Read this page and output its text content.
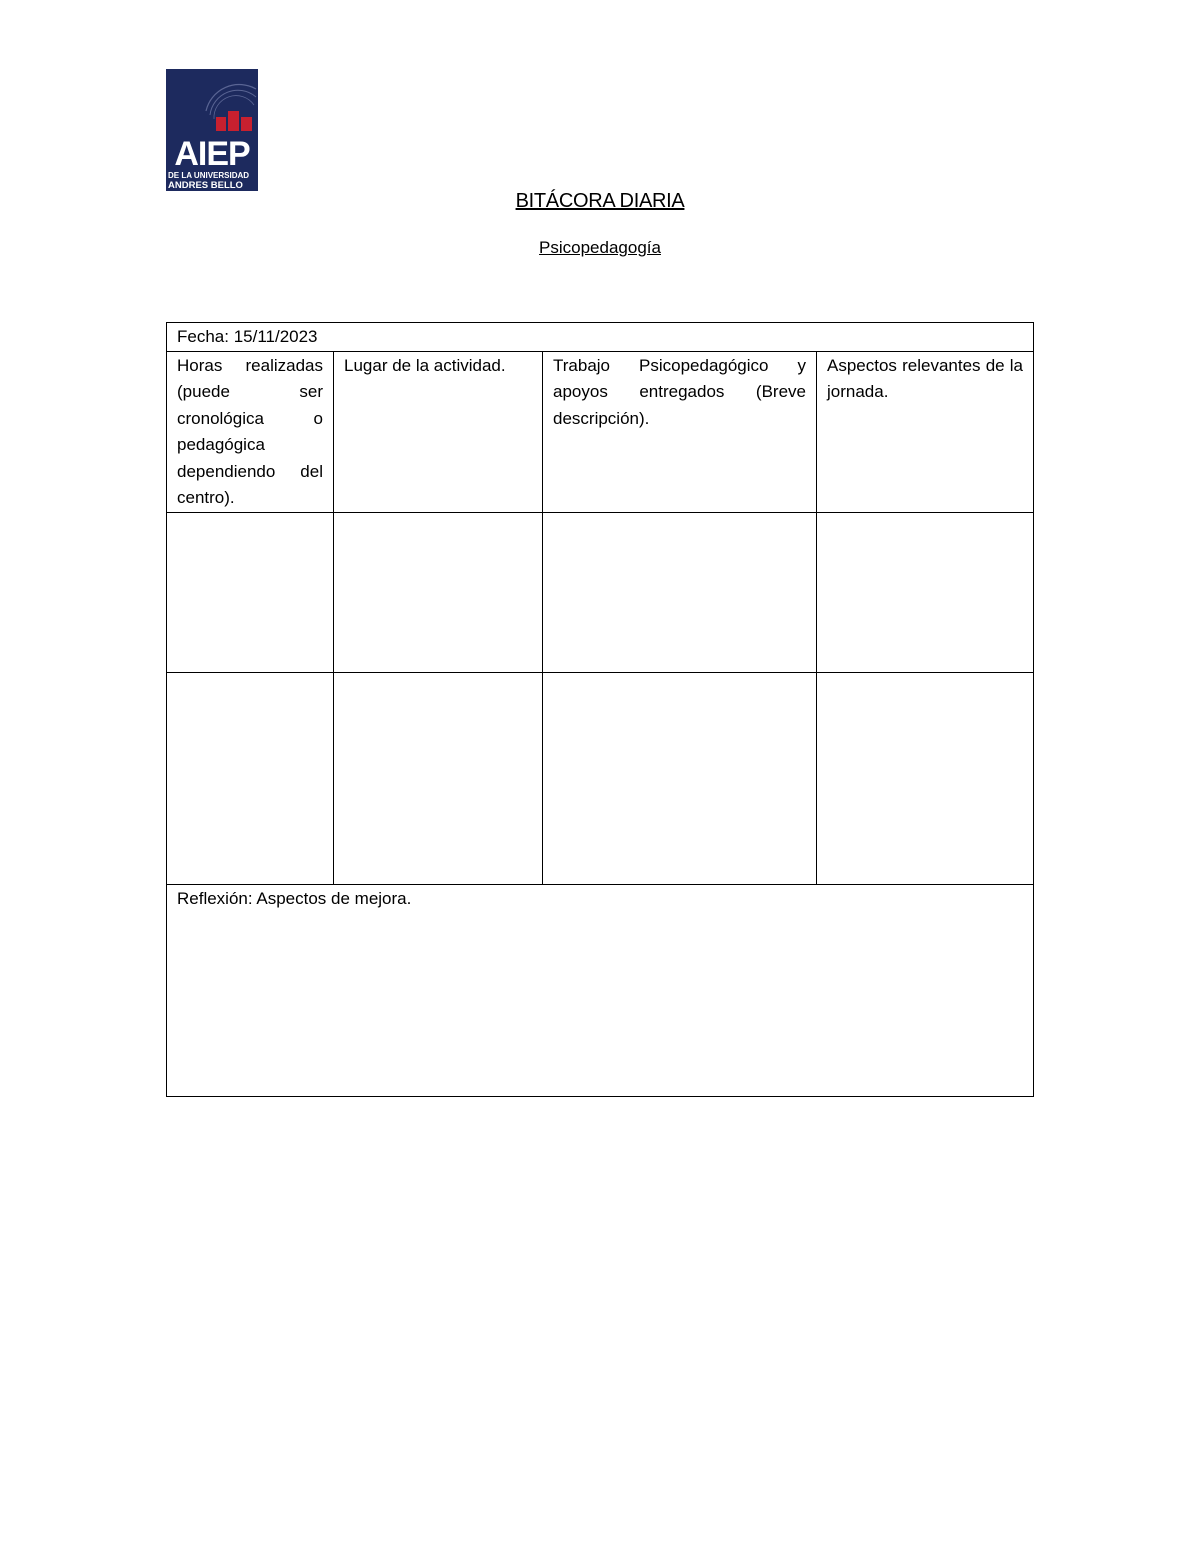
AIEP
DE LA UNIVERSIDAD
ANDRES BELLO
BITÁCORA DIARIA
Psicopedagogía
Fecha: 15/11/2023			
Horas realizadas (puede ser cronológica o pedagógica dependiendo del centro).	Lugar de la actividad.	Trabajo Psicopedagógico y apoyos entregados (Breve descripción).	Aspectos relevantes de la jornada.

Reflexión: Aspectos de mejora.			
